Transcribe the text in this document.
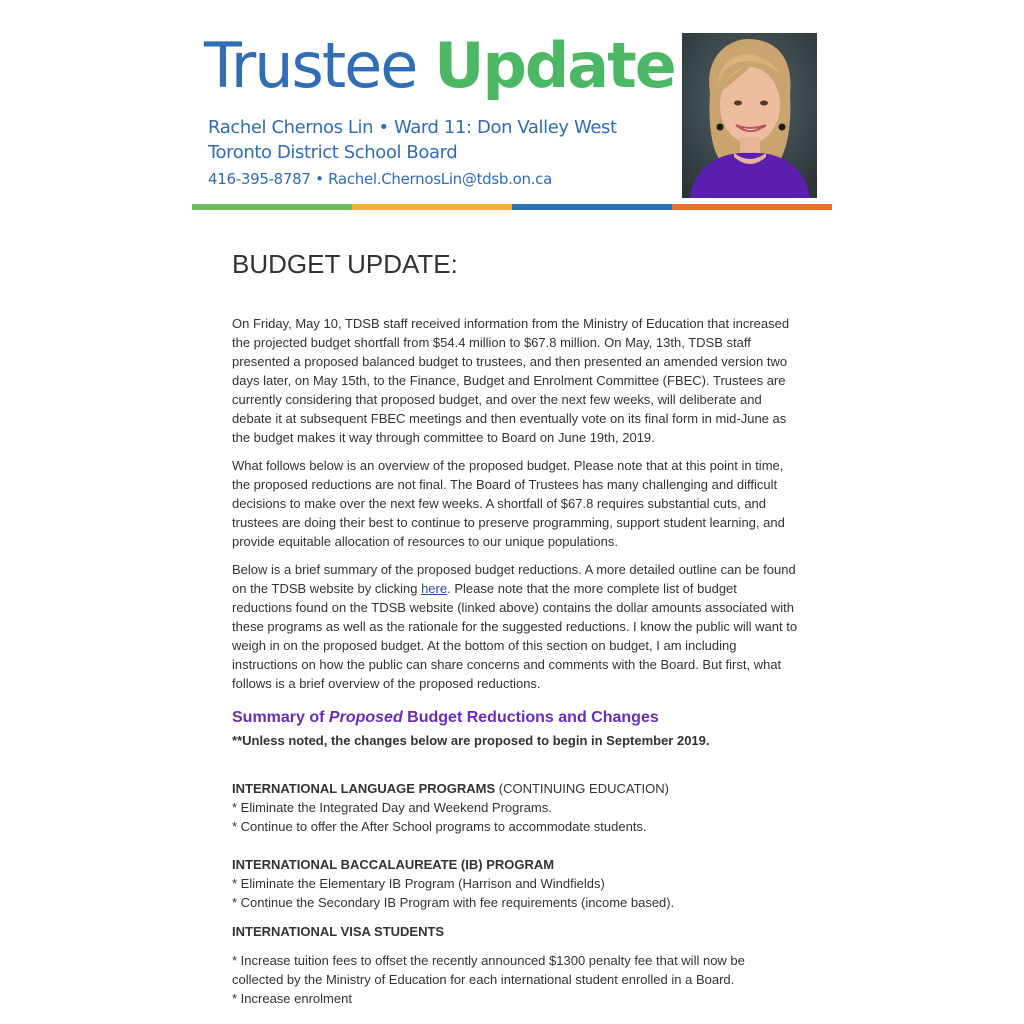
Trustee Update
Rachel Chernos Lin • Ward 11: Don Valley West
Toronto District School Board
416-395-8787 • Rachel.ChernosLin@tdsb.on.ca
BUDGET UPDATE:

On Friday, May 10, TDSB staff received information from the Ministry of Education that increased the projected budget shortfall from $54.4 million to $67.8 million. On May, 13th, TDSB staff presented a proposed balanced budget to trustees, and then presented an amended version two days later, on May 15th, to the Finance, Budget and Enrolment Committee (FBEC). Trustees are currently considering that proposed budget, and over the next few weeks, will deliberate and debate it at subsequent FBEC meetings and then eventually vote on its final form in mid-June as the budget makes it way through committee to Board on June 19th, 2019.

What follows below is an overview of the proposed budget. Please note that at this point in time, the proposed reductions are not final. The Board of Trustees has many challenging and difficult decisions to make over the next few weeks. A shortfall of $67.8 requires substantial cuts, and trustees are doing their best to continue to preserve programming, support student learning, and provide equitable allocation of resources to our unique populations.

Below is a brief summary of the proposed budget reductions. A more detailed outline can be found on the TDSB website by clicking here. Please note that the more complete list of budget reductions found on the TDSB website (linked above) contains the dollar amounts associated with these programs as well as the rationale for the suggested reductions. I know the public will want to weigh in on the proposed budget. At the bottom of this section on budget, I am including instructions on how the public can share concerns and comments with the Board. But first, what follows is a brief overview of the proposed reductions.

Summary of Proposed Budget Reductions and Changes

**Unless noted, the changes below are proposed to begin in September 2019.

INTERNATIONAL LANGUAGE PROGRAMS (CONTINUING EDUCATION)

* Eliminate the Integrated Day and Weekend Programs.

* Continue to offer the After School programs to accommodate students.

INTERNATIONAL BACCALAUREATE (IB) PROGRAM

* Eliminate the Elementary IB Program (Harrison and Windfields)

* Continue the Secondary IB Program with fee requirements (income based).

INTERNATIONAL VISA STUDENTS

* Increase tuition fees to offset the recently announced $1300 penalty fee that will now be collected by the Ministry of Education for each international student enrolled in a Board.

* Increase enrolment
